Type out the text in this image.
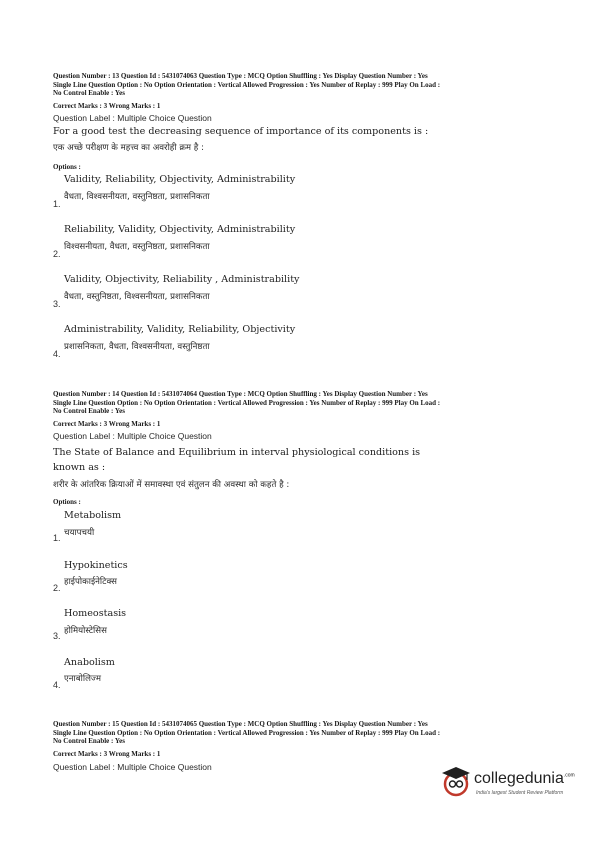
Question Number : 13 Question Id : 5431074063 Question Type : MCQ Option Shuffling : Yes Display Question Number : Yes
Single Line Question Option : No Option Orientation : Vertical Allowed Progression : Yes Number of Replay : 999 Play On Load :
No Control Enable : Yes
Correct Marks : 3 Wrong Marks : 1
Question Label : Multiple Choice Question
For a good test the decreasing sequence of importance of its components is :
एक अच्छे परीक्षण के महत्त्व का अवरोही क्रम है :
Options :
Validity, Reliability, Objectivity, Administrability
वैधता, विश्वसनीयता, वस्तुनिष्ठता, प्रशासनिकता
1.
Reliability, Validity, Objectivity, Administrability
विश्वसनीयता, वैधता, वस्तुनिष्ठता, प्रशासनिकता
2.
Validity, Objectivity, Reliability , Administrability
वैधता, वस्तुनिष्ठता, विश्वसनीयता, प्रशासनिकता
3.
Administrability, Validity, Reliability, Objectivity
प्रशासनिकता, वैधता, विश्वसनीयता, वस्तुनिष्ठता
4.
Question Number : 14 Question Id : 5431074064 Question Type : MCQ Option Shuffling : Yes Display Question Number : Yes
Single Line Question Option : No Option Orientation : Vertical Allowed Progression : Yes Number of Replay : 999 Play On Load :
No Control Enable : Yes
Correct Marks : 3 Wrong Marks : 1
Question Label : Multiple Choice Question
The State of Balance and Equilibrium in interval physiological conditions is
known as :
शरीर के आंतरिक क्रियाओं में समावस्था एवं संतुलन की अवस्था को कहते है :
Options :
Metabolism
चयापचयी
1.
Hypokinetics
हाईपोकाईनेटिक्स
2.
Homeostasis
होमियोस्टेसिस
3.
Anabolism
एनाबोलिज्म
4.
Question Number : 15 Question Id : 5431074065 Question Type : MCQ Option Shuffling : Yes Display Question Number : Yes
Single Line Question Option : No Option Orientation : Vertical Allowed Progression : Yes Number of Replay : 999 Play On Load :
No Control Enable : Yes
Correct Marks : 3 Wrong Marks : 1
Question Label : Multiple Choice Question
collegedunia$^{.com}$
India's largest Student Review Platform
